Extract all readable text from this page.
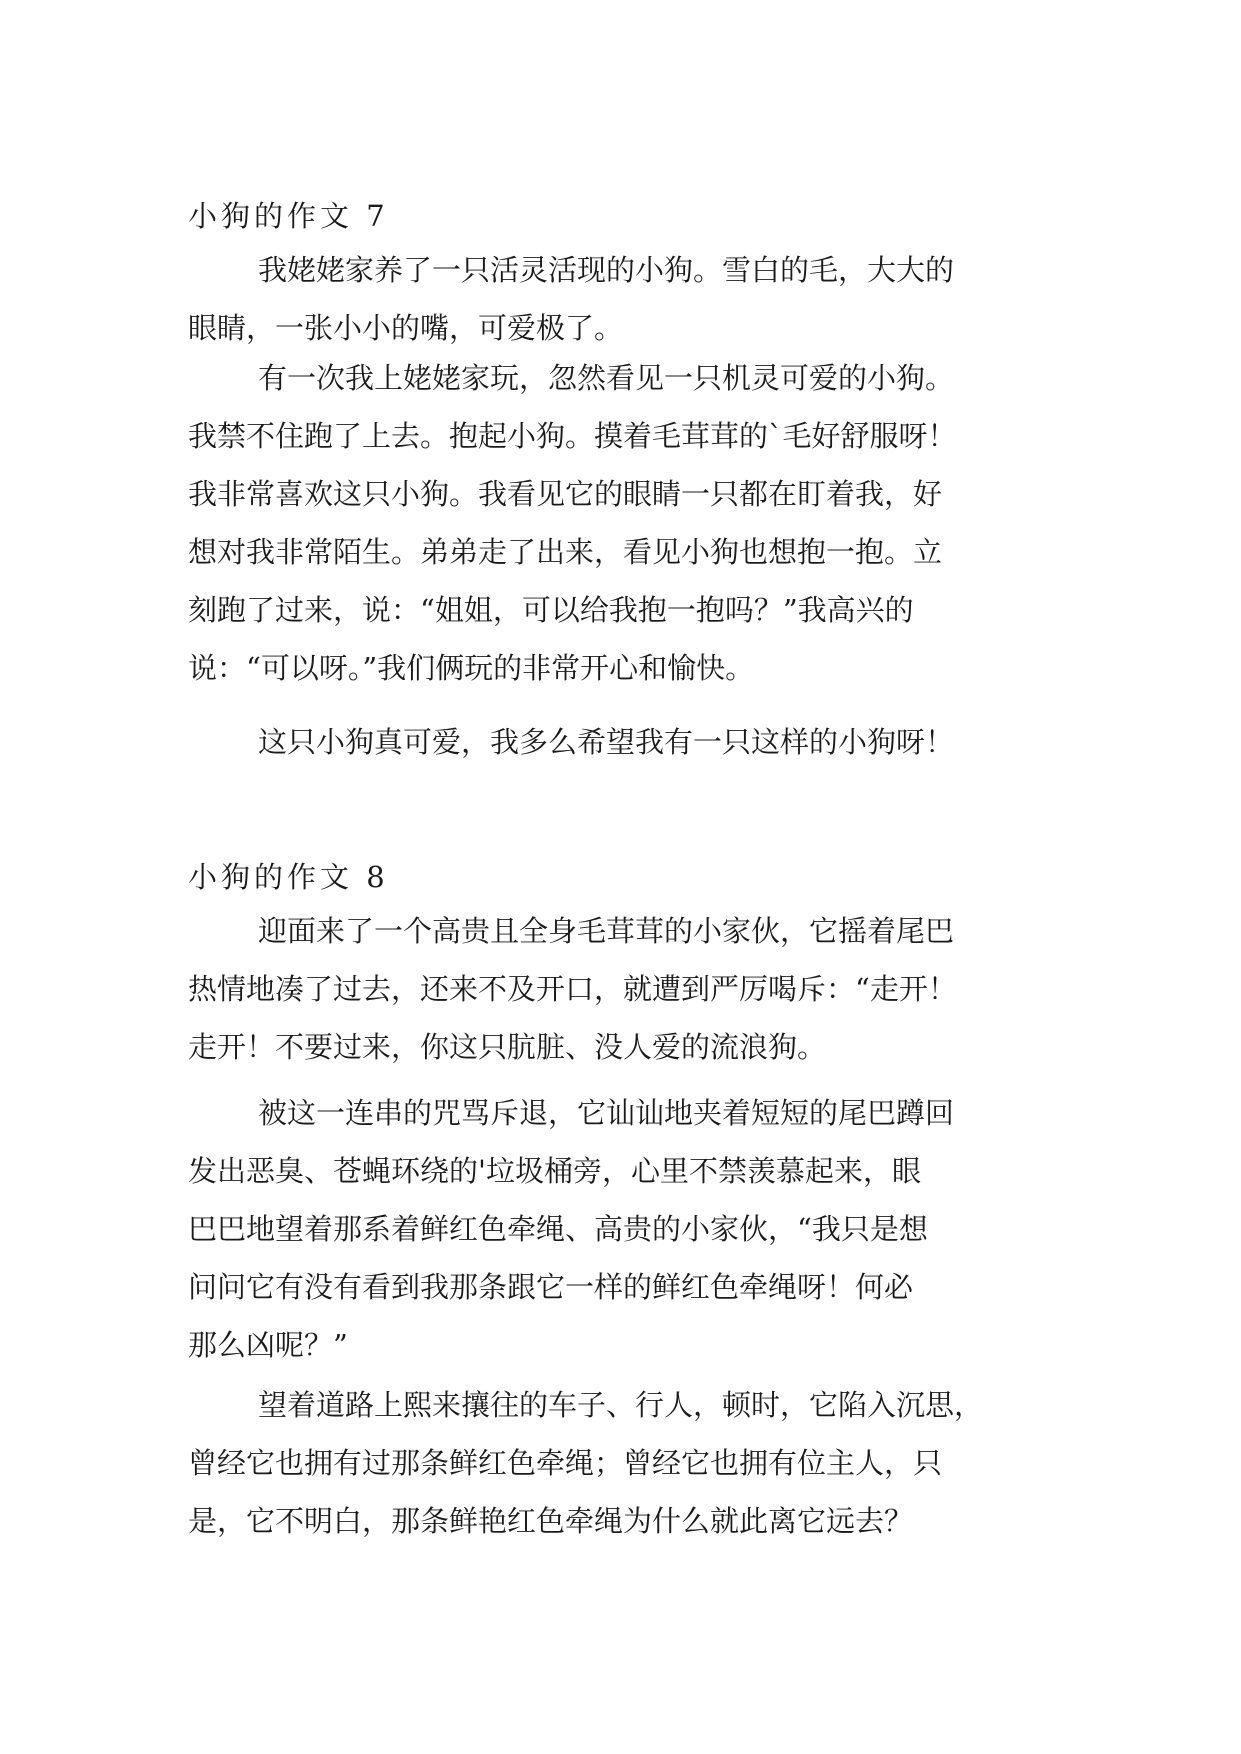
小狗的作文 7

我姥姥家养了一只活灵活现的小狗。雪白的毛，大大的
眼睛，一张小小的嘴，可爱极了。

有一次我上姥姥家玩，忽然看见一只机灵可爱的小狗。
我禁不住跑了上去。抱起小狗。摸着毛茸茸的`毛好舒服呀！
我非常喜欢这只小狗。我看见它的眼睛一只都在盯着我，好
想对我非常陌生。弟弟走了出来，看见小狗也想抱一抱。立
刻跑了过来，说：“姐姐，可以给我抱一抱吗？”我高兴的
说：“可以呀。”我们俩玩的非常开心和愉快。

这只小狗真可爱，我多么希望我有一只这样的小狗呀！

小狗的作文 8

迎面来了一个高贵且全身毛茸茸的小家伙，它摇着尾巴
热情地凑了过去，还来不及开口，就遭到严厉喝斥：“走开！
走开！不要过来，你这只肮脏、没人爱的流浪狗。

被这一连串的咒骂斥退，它讪讪地夹着短短的尾巴蹲回
发出恶臭、苍蝇环绕的'垃圾桶旁，心里不禁羡慕起来，眼
巴巴地望着那系着鲜红色牵绳、高贵的小家伙，“我只是想
问问它有没有看到我那条跟它一样的鲜红色牵绳呀！何必
那么凶呢？”

望着道路上熙来攘往的车子、行人，顿时，它陷入沉思，
曾经它也拥有过那条鲜红色牵绳；曾经它也拥有位主人，只
是，它不明白，那条鲜艳红色牵绳为什么就此离它远去？
